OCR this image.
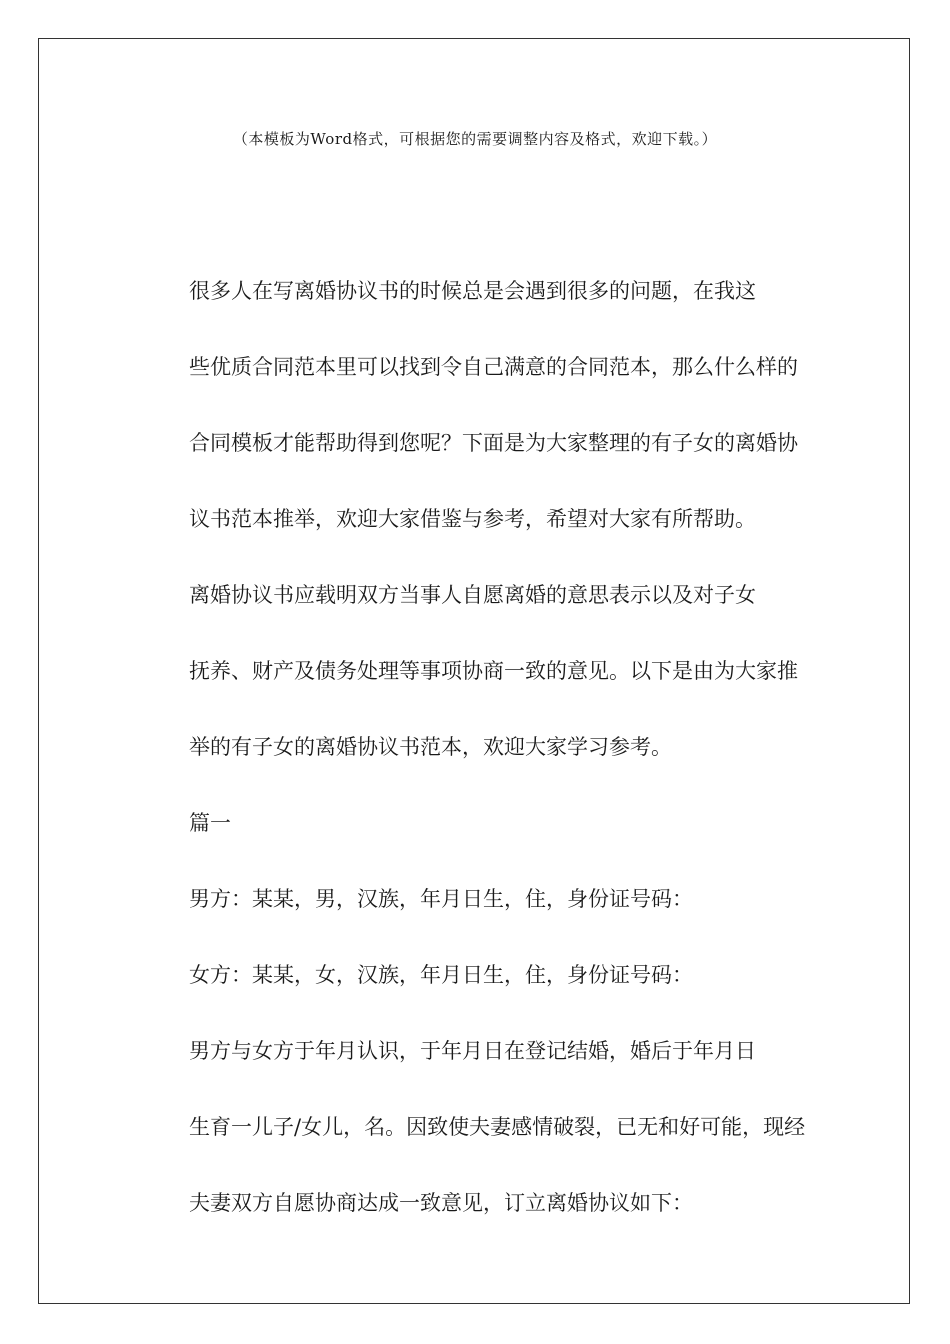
（本模板为Word格式，可根据您的需要调整内容及格式，欢迎下载。）

很多人在写离婚协议书的时候总是会遇到很多的问题，在我这
些优质合同范本里可以找到令自己满意的合同范本，那么什么样的
合同模板才能帮助得到您呢？下面是为大家整理的有子女的离婚协
议书范本推举，欢迎大家借鉴与参考，希望对大家有所帮助。

离婚协议书应载明双方当事人自愿离婚的意思表示以及对子女
抚养、财产及债务处理等事项协商一致的意见。以下是由为大家推
举的有子女的离婚协议书范本，欢迎大家学习参考。

篇一

男方：某某，男，汉族，年月日生，住，身份证号码：

女方：某某，女，汉族，年月日生，住，身份证号码：

男方与女方于年月认识，于年月日在登记结婚，婚后于年月日
生育一儿子/女儿，名。因致使夫妻感情破裂，已无和好可能，现经
夫妻双方自愿协商达成一致意见，订立离婚协议如下：
